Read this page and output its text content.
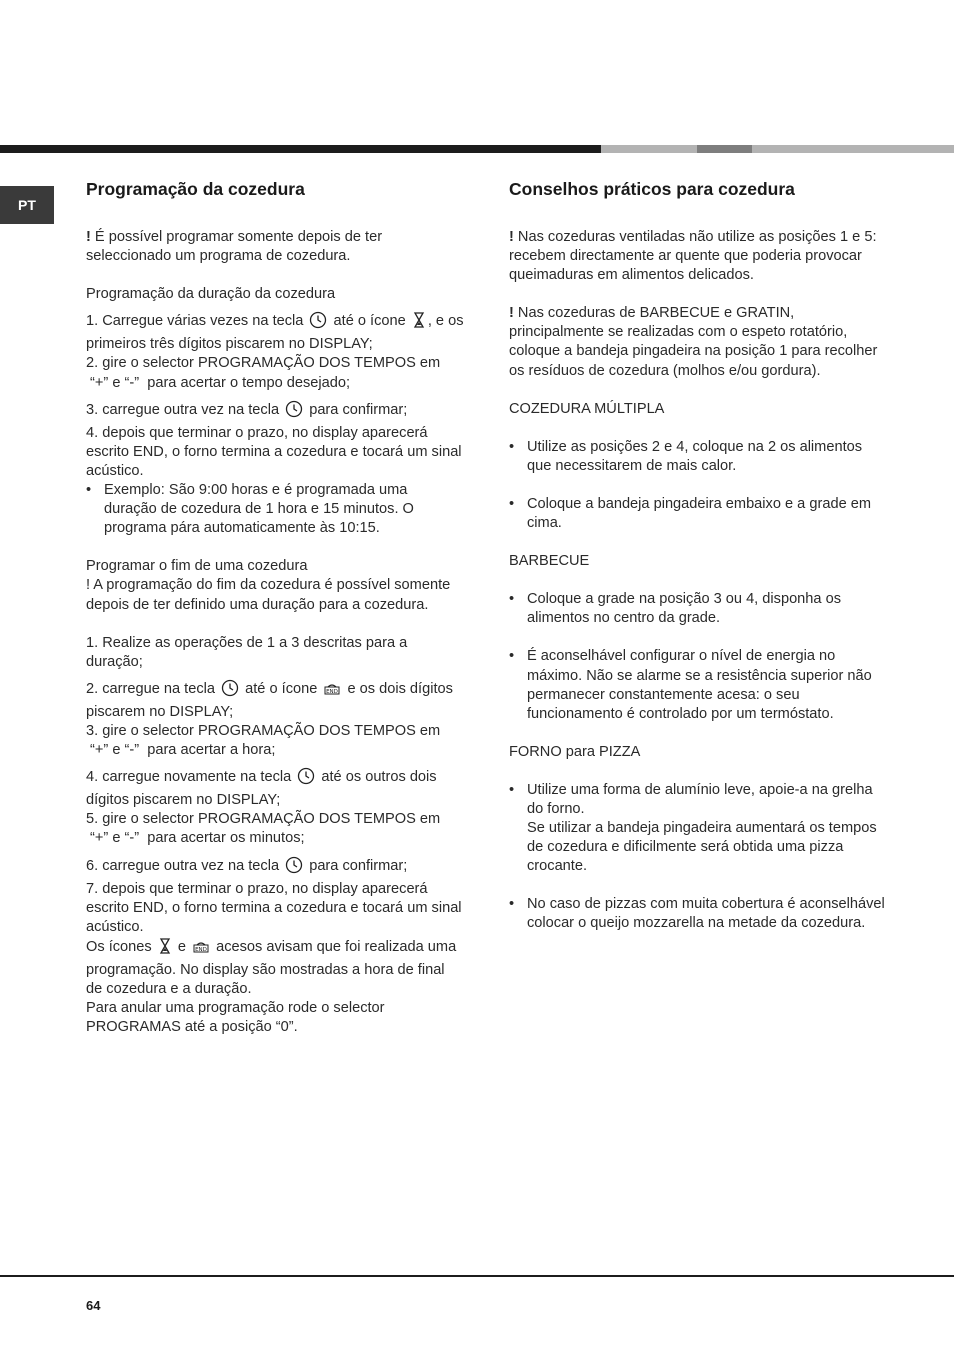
PT
Programação da cozedura

! É possível programar somente depois de ter seleccionado um programa de cozedura.

Programação da duração da cozedura

1. Carregue várias vezes na tecla até o ícone , e os primeiros três dígitos piscarem no DISPLAY;

2. gire o selector PROGRAMAÇÃO DOS TEMPOS em  “+” e “-”  para acertar o tempo desejado;

3. carregue outra vez na tecla para confirmar;

4. depois que terminar o prazo, no display aparecerá escrito END, o forno termina a cozedura e tocará um sinal acústico.

• Exemplo: São 9:00 horas e é programada uma duração de cozedura de 1 hora e 15 minutos. O programa pára automaticamente às 10:15.

Programar o fim de uma cozedura

! A programação do fim da cozedura é possível somente depois de ter definido uma duração para a cozedura.

1. Realize as operações de 1 a 3 descritas para a duração;

2. carregue na tecla até o ícone END e os dois dígitos piscarem no DISPLAY;

3. gire o selector PROGRAMAÇÃO DOS TEMPOS em  “+” e “-”  para acertar a hora;

4. carregue novamente na tecla até os outros dois dígitos piscarem no DISPLAY;

5. gire o selector PROGRAMAÇÃO DOS TEMPOS em  “+” e “-”  para acertar os minutos;

6. carregue outra vez na tecla para confirmar;

7. depois que terminar o prazo, no display aparecerá escrito END, o forno termina a cozedura e tocará um sinal acústico.

Os ícones e END acesos avisam que foi realizada uma programação. No display são mostradas a hora de final de cozedura e a duração.

Para anular uma programação rode o selector PROGRAMAS até a posição “0”.

Conselhos práticos para cozedura

! Nas cozeduras ventiladas não utilize as posições 1 e 5: recebem directamente ar quente que poderia provocar queimaduras em alimentos delicados.

! Nas cozeduras de BARBECUE e GRATIN, principalmente se realizadas com o espeto rotatório, coloque a bandeja pingadeira na posição 1 para recolher os resíduos de cozedura (molhos e/ou gordura).

COZEDURA MÚLTIPLA

• Utilize as posições 2 e 4, coloque na 2 os alimentos que necessitarem de mais calor.

• Coloque a bandeja pingadeira embaixo e a grade em cima.

BARBECUE

• Coloque a grade na posição 3 ou 4, disponha os alimentos no centro da grade.

• É aconselhável configurar o nível de energia no máximo. Não se alarme se a resistência superior não permanecer constantemente acesa: o seu funcionamento é controlado por um termóstato.

FORNO para PIZZA

• Utilize uma forma de alumínio leve, apoie-a na grelha do forno.

Se utilizar a bandeja pingadeira aumentará os tempos de cozedura e dificilmente será obtida uma pizza crocante.

• No caso de pizzas com muita cobertura é aconselhável colocar o queijo mozzarella na metade da cozedura.

64
